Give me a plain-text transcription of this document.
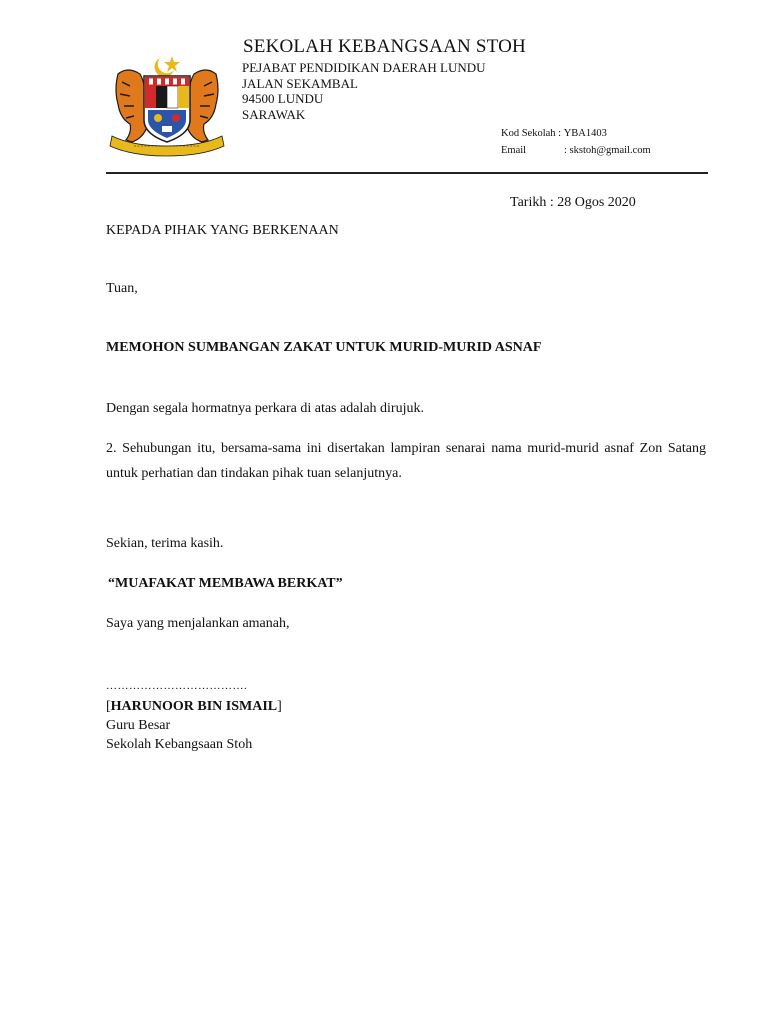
SEKOLAH KEBANGSAAN STOH
PEJABAT PENDIDIKAN DAERAH LUNDU
JALAN SEKAMBAL
94500 LUNDU
SARAWAK
Kod Sekolah :
YBA1403
Email	: skstoh@gmail.com
Tarikh : 28 Ogos 2020
KEPADA PIHAK YANG BERKENAAN
Tuan,
MEMOHON SUMBANGAN ZAKAT UNTUK MURID-MURID ASNAF
Dengan segala hormatnya perkara di atas adalah dirujuk.
2. Sehubungan itu, bersama-sama ini disertakan lampiran senarai nama murid-murid asnaf Zon Satang untuk perhatian dan tindakan pihak tuan selanjutnya.
Sekian, terima kasih.
“MUAFAKAT MEMBAWA BERKAT”
Saya yang menjalankan amanah,
……………………………….
[HARUNOOR BIN ISMAIL]
Guru Besar
Sekolah Kebangsaan Stoh
